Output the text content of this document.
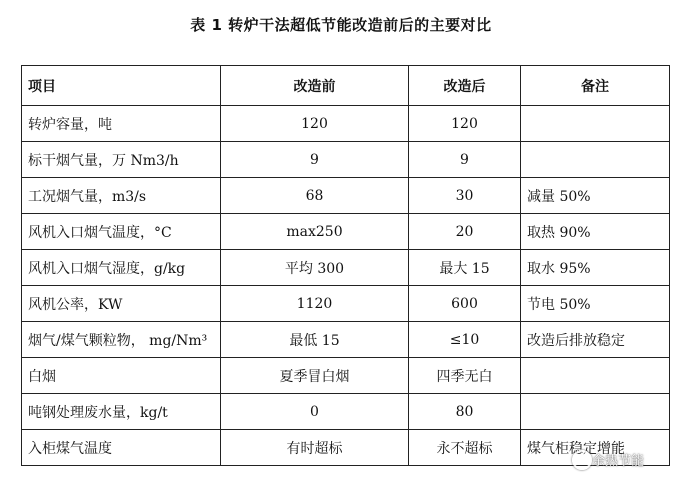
表 1 转炉干法超低节能改造前后的主要对比
项目	改造前	改造后	备注
转炉容量，吨	120	120	
标干烟气量，万 Nm3/h	9	9	
工况烟气量，m3/s	68	30	减量 50%
风机入口烟气温度，°C	max250	20	取热 90%
风机入口烟气湿度，g/kg	平均 300	最大 15	取水 95%
风机公率，KW	1120	600	节电 50%
烟气/煤气颗粒物， mg/Nm³	最低 15	≤10	改造后排放稳定
白烟	夏季冒白烟	四季无白	
吨钢处理废水量，kg/t	0	80	
入柜煤气温度	有时超标	永不超标	煤气柜稳定增能
余热节能
